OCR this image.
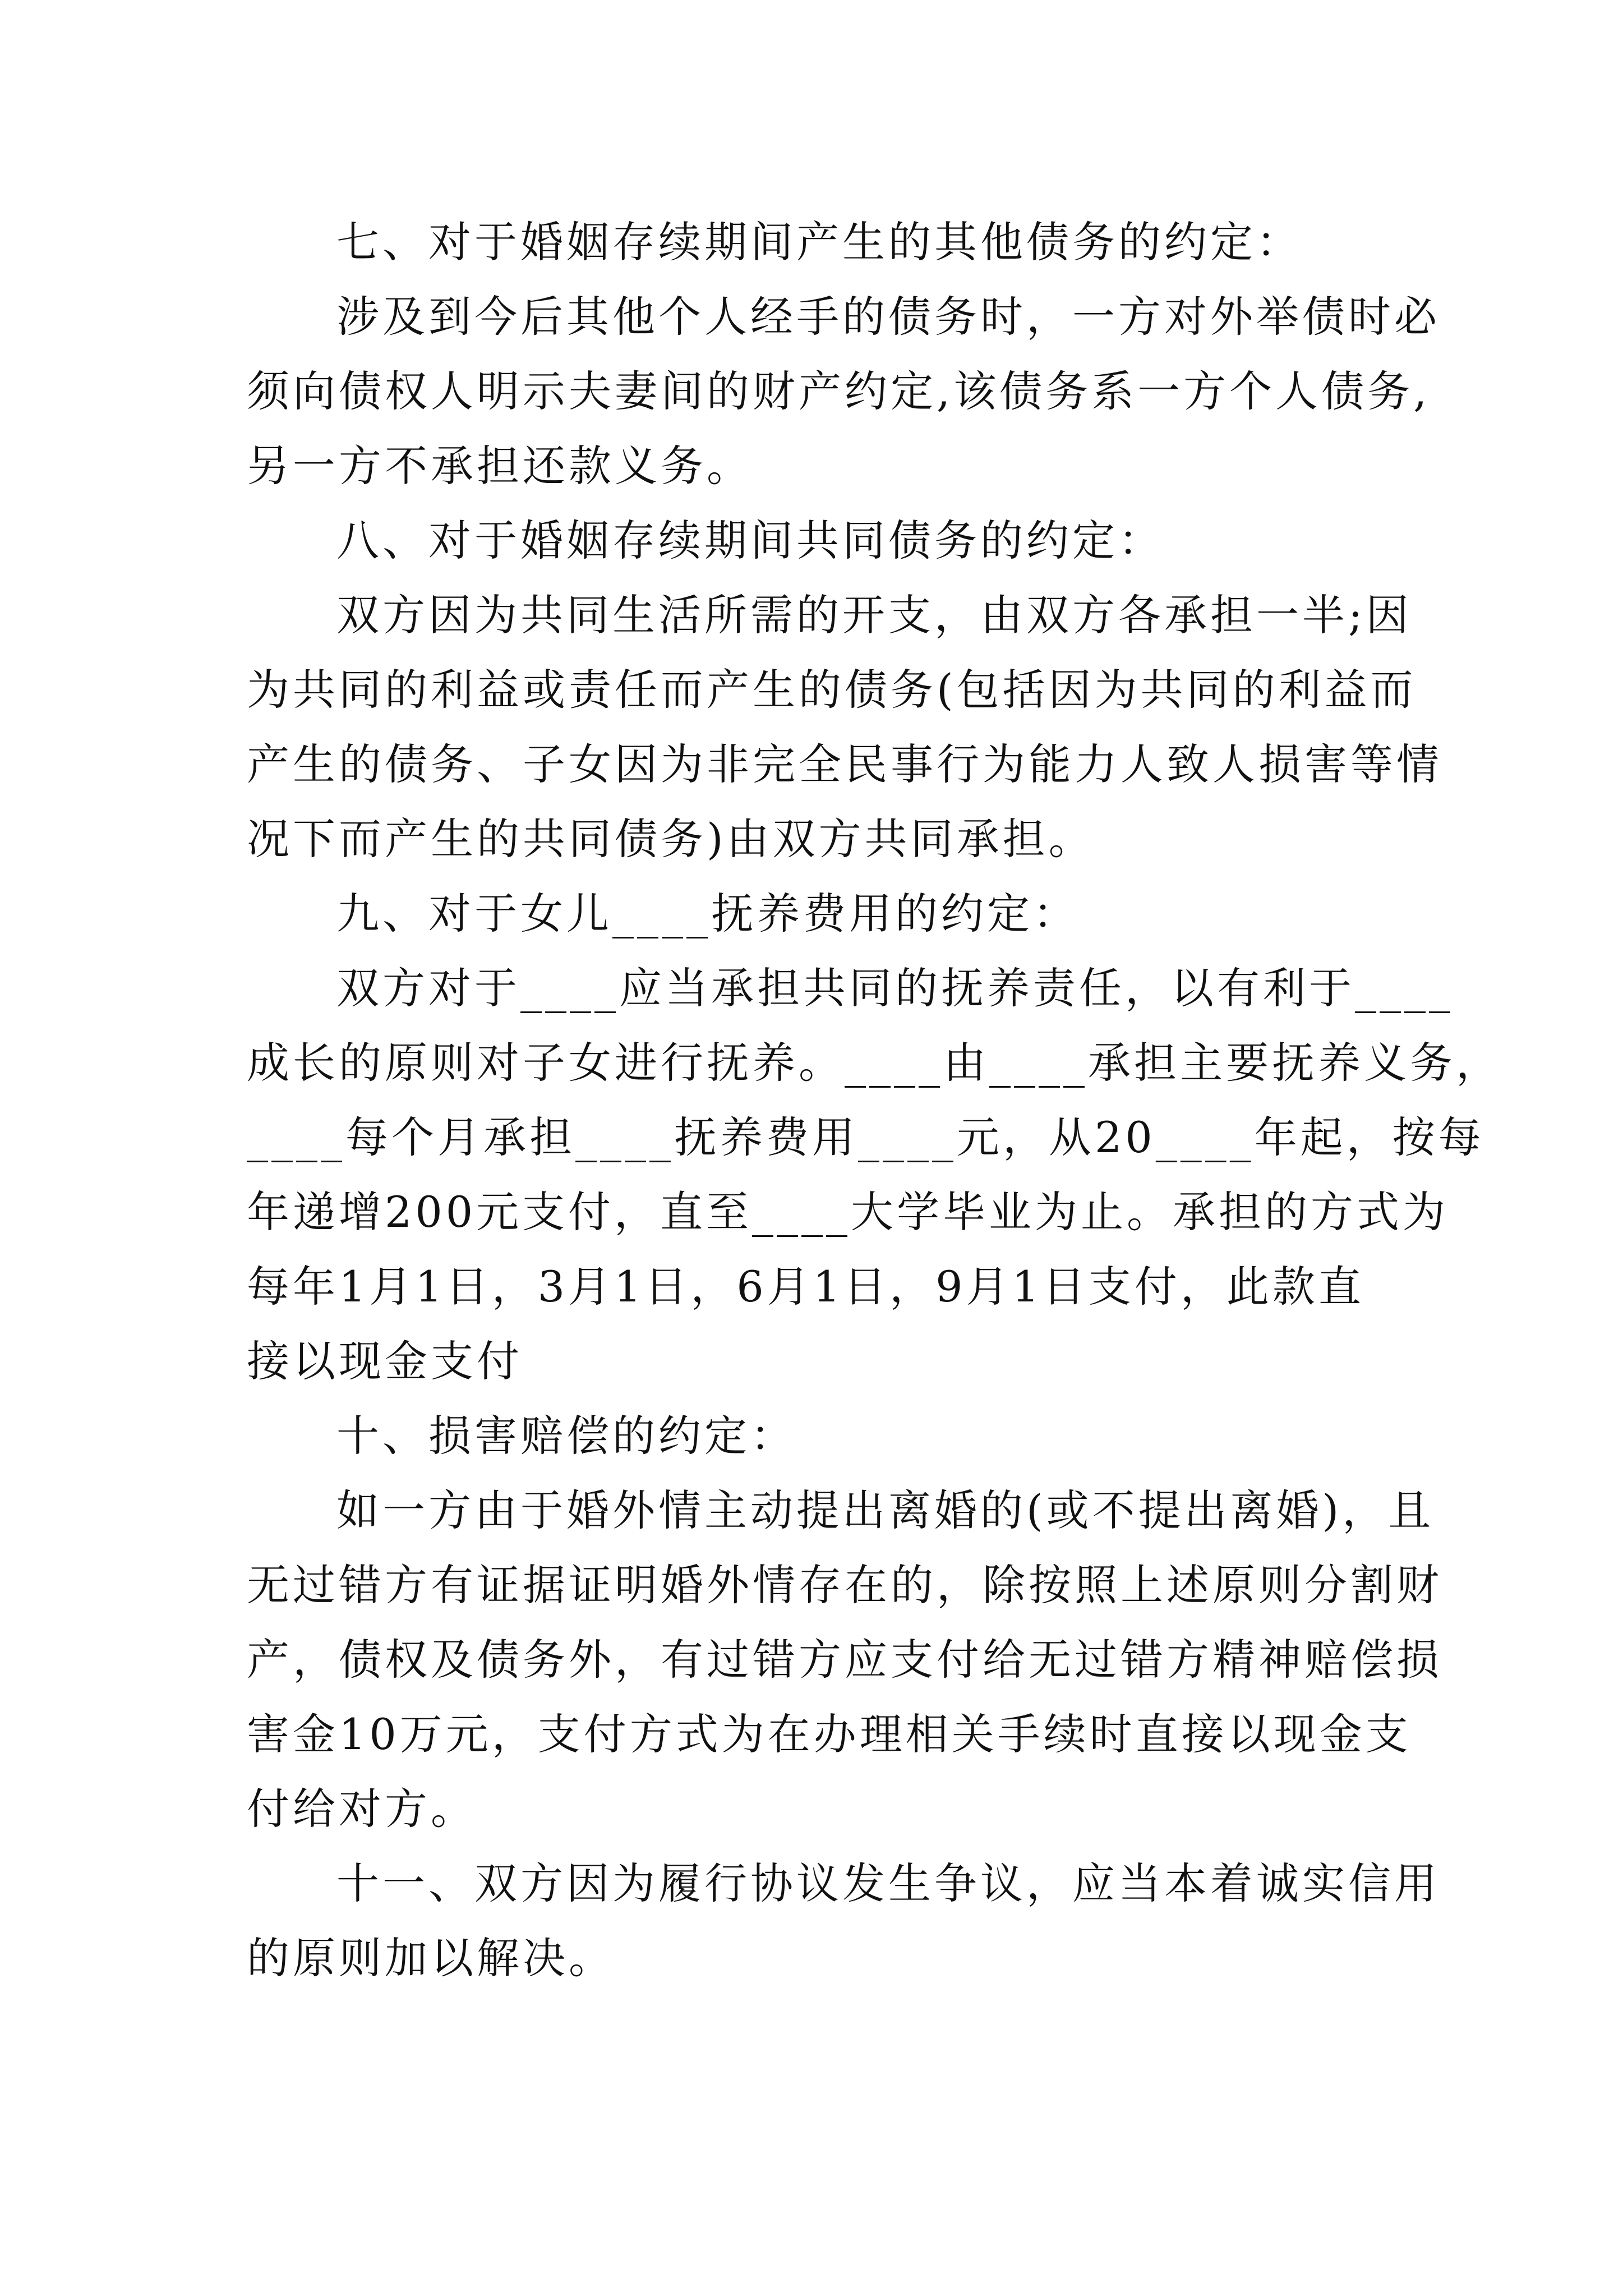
七、对于婚姻存续期间产生的其他债务的约定：
涉及到今后其他个人经手的债务时，一方对外举债时必
须向债权人明示夫妻间的财产约定,该债务系一方个人债务,
另一方不承担还款义务。
八、对于婚姻存续期间共同债务的约定：
双方因为共同生活所需的开支，由双方各承担一半;因
为共同的利益或责任而产生的债务(包括因为共同的利益而
产生的债务、子女因为非完全民事行为能力人致人损害等情
况下而产生的共同债务)由双方共同承担。
九、对于女儿____抚养费用的约定：
双方对于____应当承担共同的抚养责任，以有利于____
成长的原则对子女进行抚养。____由____承担主要抚养义务，
____每个月承担____抚养费用____元，从20____年起，按每
年递增200元支付，直至____大学毕业为止。承担的方式为
每年1月1日，3月1日，6月1日，9月1日支付，此款直
接以现金支付
十、损害赔偿的约定：
如一方由于婚外情主动提出离婚的(或不提出离婚)，且
无过错方有证据证明婚外情存在的，除按照上述原则分割财
产，债权及债务外，有过错方应支付给无过错方精神赔偿损
害金10万元，支付方式为在办理相关手续时直接以现金支
付给对方。
十一、双方因为履行协议发生争议，应当本着诚实信用
的原则加以解决。
